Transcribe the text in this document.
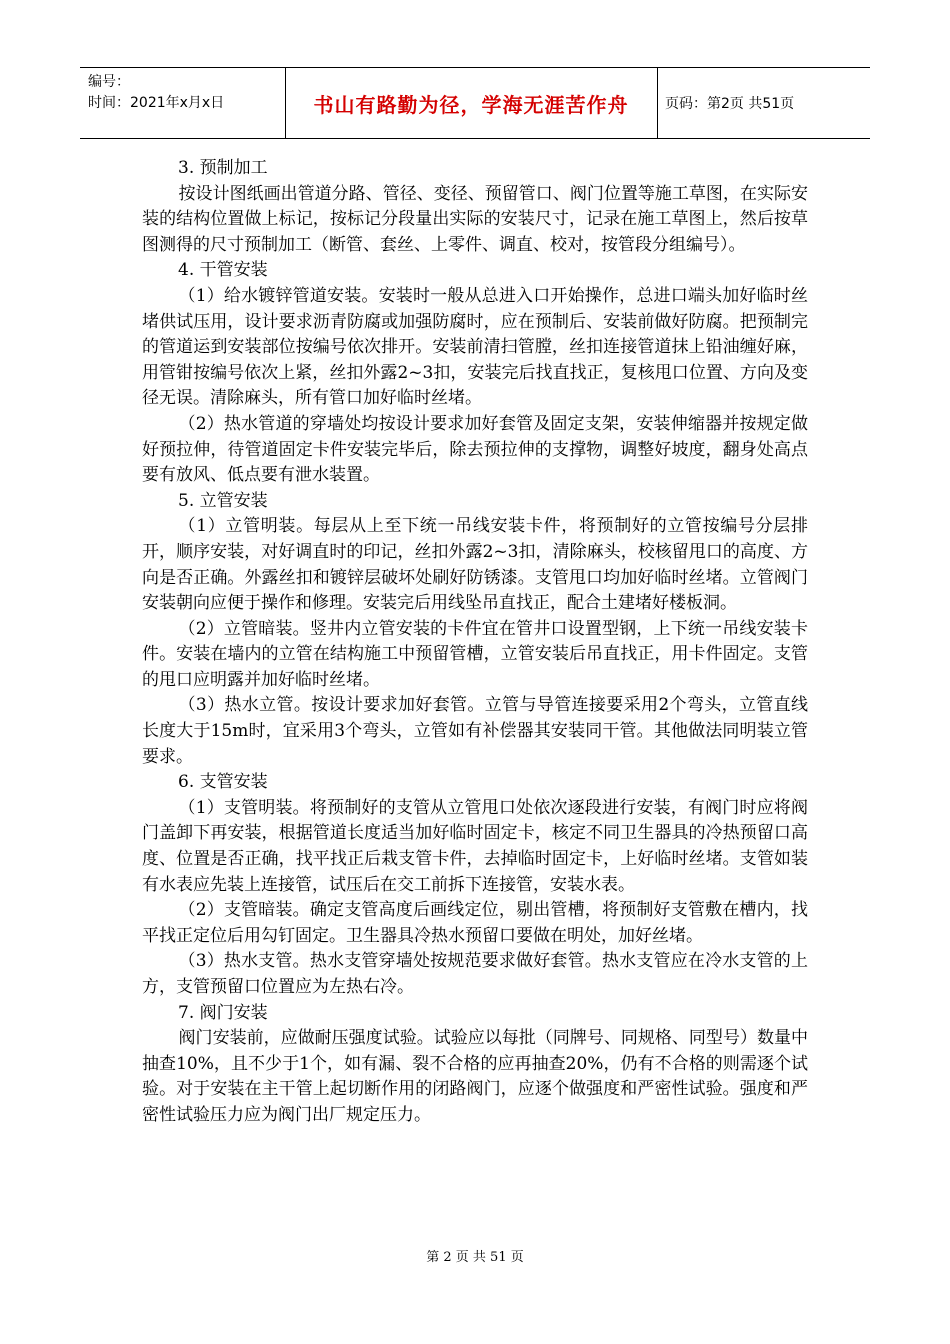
编号：
时间：2021年x月x日	书山有路勤为径，学海无涯苦作舟	页码：第2页 共51页

3. 预制加工

按设计图纸画出管道分路、管径、变径、预留管口、阀门位置等施工草图，在实际安装的结构位置做上标记，按标记分段量出实际的安装尺寸，记录在施工草图上，然后按草图测得的尺寸预制加工（断管、套丝、上零件、调直、校对，按管段分组编号）。

4. 干管安装

（1）给水镀锌管道安装。安装时一般从总进入口开始操作，总进口端头加好临时丝堵供试压用，设计要求沥青防腐或加强防腐时，应在预制后、安装前做好防腐。把预制完的管道运到安装部位按编号依次排开。安装前清扫管膛，丝扣连接管道抹上铅油缠好麻，用管钳按编号依次上紧，丝扣外露2~3扣，安装完后找直找正，复核甩口位置、方向及变径无误。清除麻头，所有管口加好临时丝堵。

（2）热水管道的穿墙处均按设计要求加好套管及固定支架，安装伸缩器并按规定做好预拉伸，待管道固定卡件安装完毕后，除去预拉伸的支撑物，调整好坡度，翻身处高点要有放风、低点要有泄水装置。

5. 立管安装

（1）立管明装。每层从上至下统一吊线安装卡件，将预制好的立管按编号分层排开，顺序安装，对好调直时的印记，丝扣外露2~3扣，清除麻头，校核留甩口的高度、方向是否正确。外露丝扣和镀锌层破坏处刷好防锈漆。支管甩口均加好临时丝堵。立管阀门安装朝向应便于操作和修理。安装完后用线坠吊直找正，配合土建堵好楼板洞。

（2）立管暗装。竖井内立管安装的卡件宜在管井口设置型钢，上下统一吊线安装卡件。安装在墙内的立管在结构施工中预留管槽，立管安装后吊直找正，用卡件固定。支管的甩口应明露并加好临时丝堵。

（3）热水立管。按设计要求加好套管。立管与导管连接要采用2个弯头，立管直线长度大于15m时，宜采用3个弯头，立管如有补偿器其安装同干管。其他做法同明装立管要求。

6. 支管安装

（1）支管明装。将预制好的支管从立管甩口处依次逐段进行安装，有阀门时应将阀门盖卸下再安装，根据管道长度适当加好临时固定卡，核定不同卫生器具的冷热预留口高度、位置是否正确，找平找正后栽支管卡件，去掉临时固定卡，上好临时丝堵。支管如装有水表应先装上连接管，试压后在交工前拆下连接管，安装水表。

（2）支管暗装。确定支管高度后画线定位，剔出管槽，将预制好支管敷在槽内，找平找正定位后用勾钉固定。卫生器具冷热水预留口要做在明处，加好丝堵。

（3）热水支管。热水支管穿墙处按规范要求做好套管。热水支管应在冷水支管的上方，支管预留口位置应为左热右冷。

7. 阀门安装

阀门安装前，应做耐压强度试验。试验应以每批（同牌号、同规格、同型号）数量中抽查10%，且不少于1个，如有漏、裂不合格的应再抽查20%，仍有不合格的则需逐个试验。对于安装在主干管上起切断作用的闭路阀门，应逐个做强度和严密性试验。强度和严密性试验压力应为阀门出厂规定压力。

第 2 页 共 51 页
